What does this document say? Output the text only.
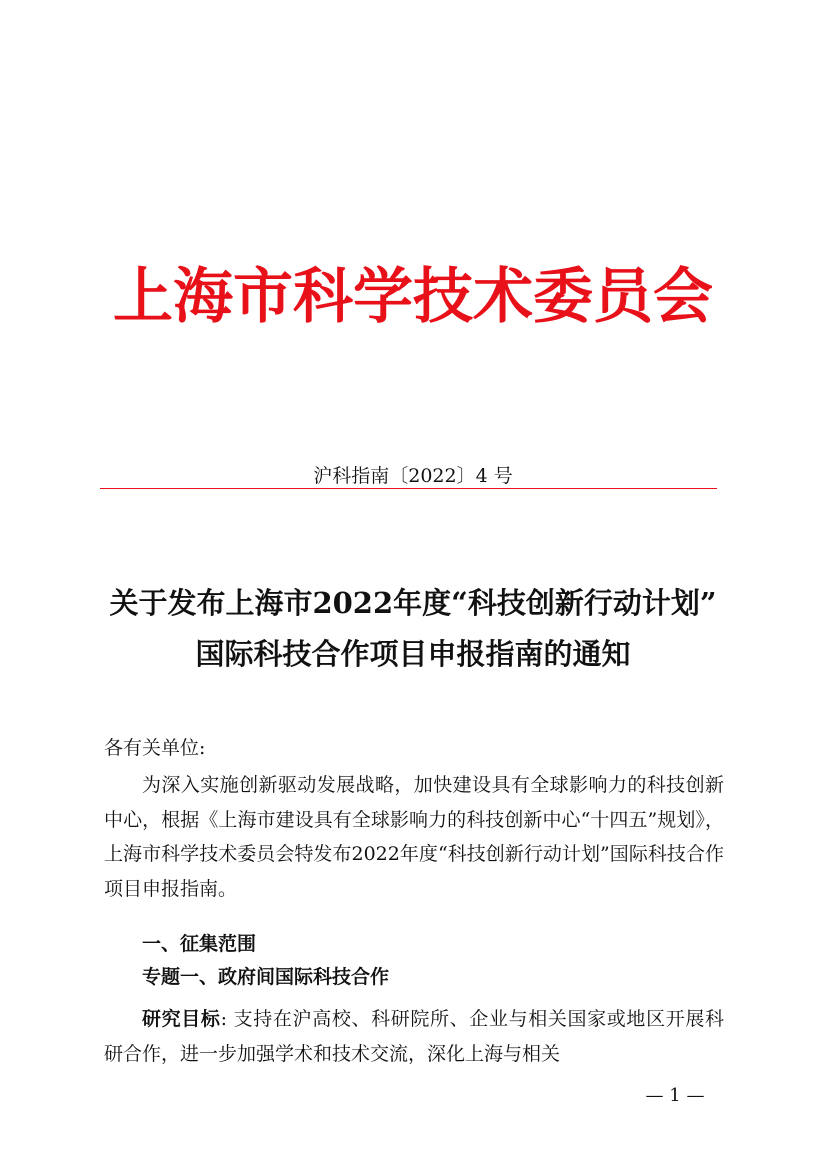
上海市科学技术委员会
沪科指南〔2022〕4 号
关于发布上海市2022年度“科技创新行动计划”
国际科技合作项目申报指南的通知
各有关单位:
为深入实施创新驱动发展战略，加快建设具有全球影响力的科技创新中心，根据《上海市建设具有全球影响力的科技创新中心“十四五”规划》，上海市科学技术委员会特发布2022年度“科技创新行动计划”国际科技合作项目申报指南。
一、征集范围
专题一、政府间国际科技合作
研究目标: 支持在沪高校、科研院所、企业与相关国家或地区开展科研合作，进一步加强学术和技术交流，深化上海与相关
— 1 —
